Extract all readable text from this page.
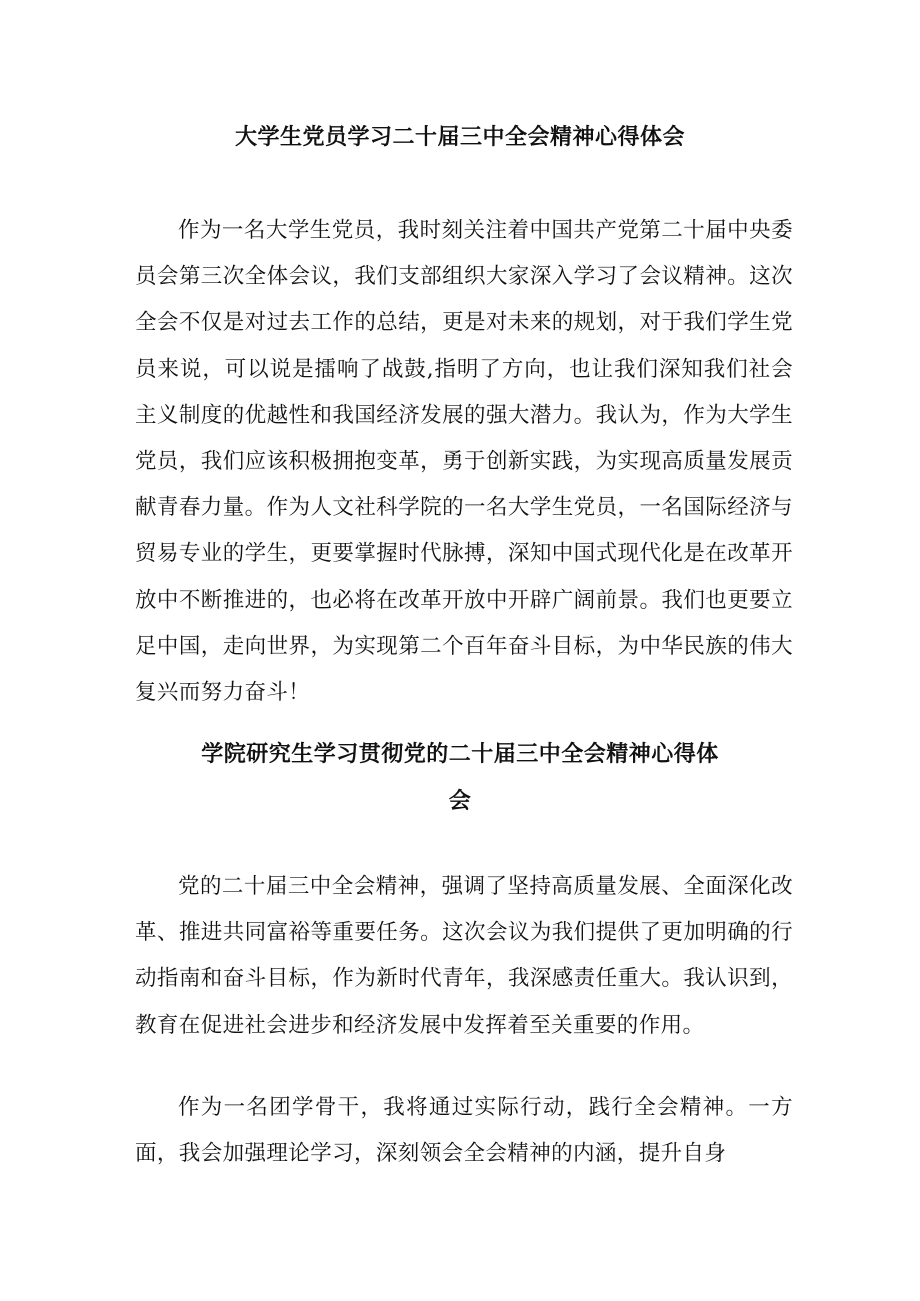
大学生党员学习二十届三中全会精神心得体会

作为一名大学生党员，我时刻关注着中国共产党第二十届中央委员会第三次全体会议，我们支部组织大家深入学习了会议精神。这次全会不仅是对过去工作的总结，更是对未来的规划，对于我们学生党员来说，可以说是擂响了战鼓,指明了方向，也让我们深知我们社会主义制度的优越性和我国经济发展的强大潜力。我认为，作为大学生党员，我们应该积极拥抱变革，勇于创新实践，为实现高质量发展贡献青春力量。作为人文社科学院的一名大学生党员，一名国际经济与贸易专业的学生，更要掌握时代脉搏，深知中国式现代化是在改革开放中不断推进的，也必将在改革开放中开辟广阔前景。我们也更要立足中国，走向世界，为实现第二个百年奋斗目标，为中华民族的伟大复兴而努力奋斗！

学院研究生学习贯彻党的二十届三中全会精神心得体
会

党的二十届三中全会精神，强调了坚持高质量发展、全面深化改革、推进共同富裕等重要任务。这次会议为我们提供了更加明确的行动指南和奋斗目标，作为新时代青年，我深感责任重大。我认识到，教育在促进社会进步和经济发展中发挥着至关重要的作用。

作为一名团学骨干，我将通过实际行动，践行全会精神。一方面，我会加强理论学习，深刻领会全会精神的内涵，提升自身
